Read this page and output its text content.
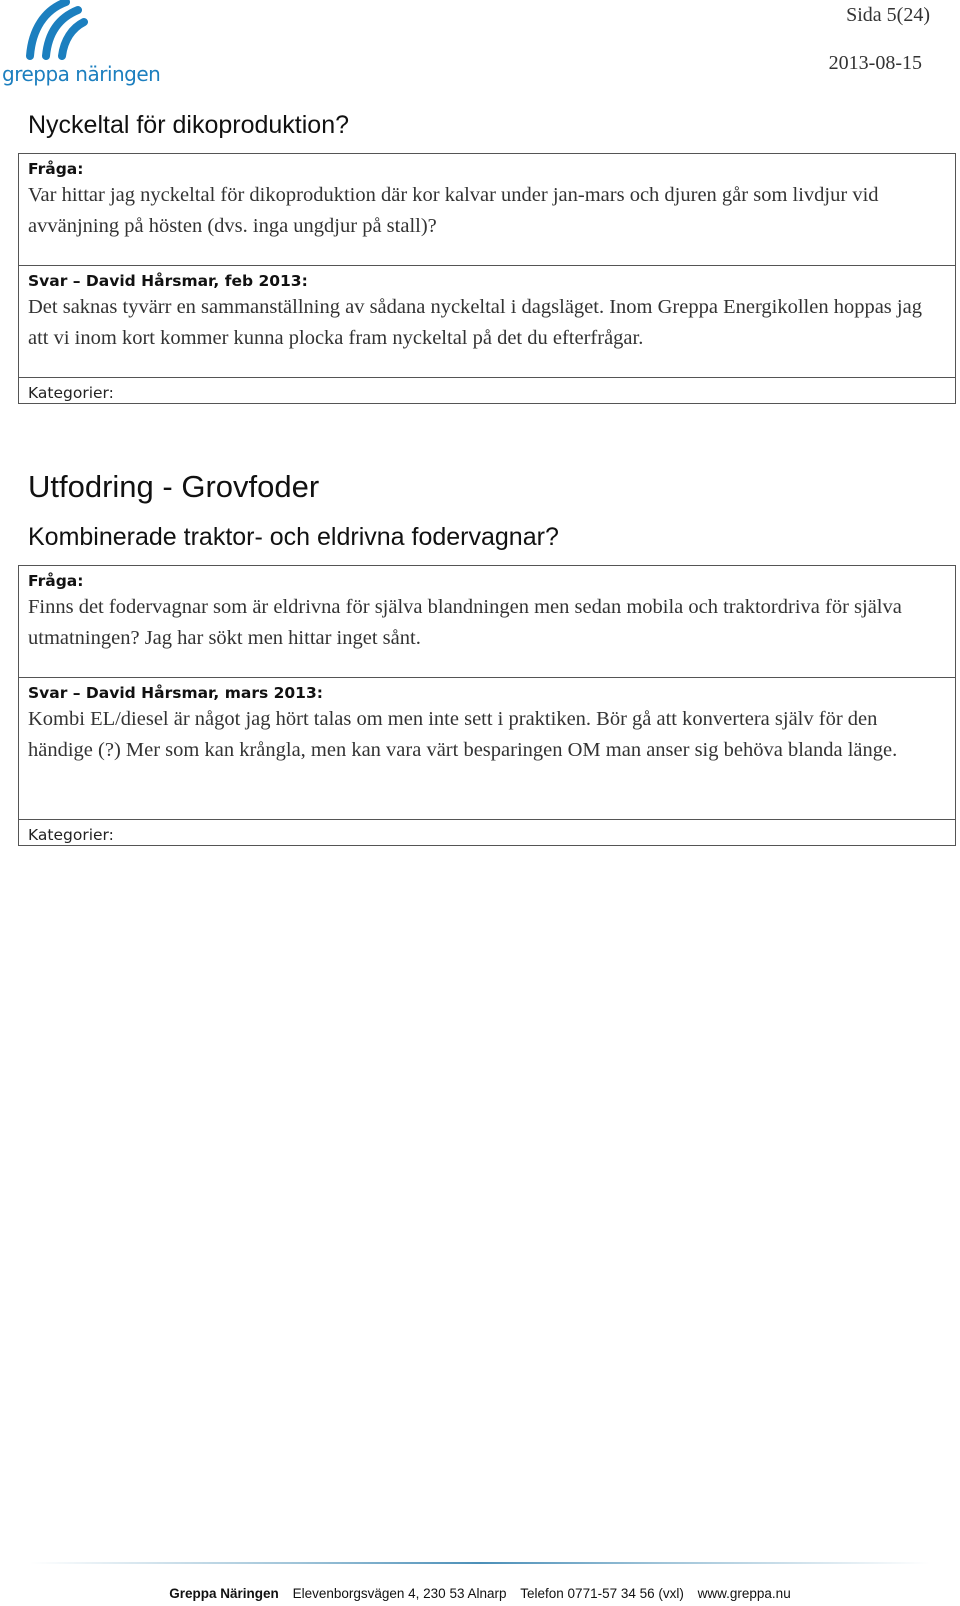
greppa näringen
Sida 5(24)
2013-08-15
Nyckeltal för dikoproduktion?
Fråga:
Var hittar jag nyckeltal för dikoproduktion där kor kalvar under jan-mars och djuren går som livdjur vid avvänjning på hösten (dvs. inga ungdjur på stall)?
Svar – David Hårsmar, feb 2013:
Det saknas tyvärr en sammanställning av sådana nyckeltal i dagsläget. Inom Greppa Energikollen hoppas jag att vi inom kort kommer kunna plocka fram nyckeltal på det du efterfrågar.
Kategorier:
Utfodring - Grovfoder
Kombinerade traktor- och eldrivna fodervagnar?
Fråga:
Finns det fodervagnar som är eldrivna för själva blandningen men sedan mobila och traktordriva för själva utmatningen? Jag har sökt men hittar inget sånt.
Svar – David Hårsmar, mars 2013:
Kombi EL/diesel är något jag hört talas om men inte sett i praktiken. Bör gå att konvertera själv för den händige (?) Mer som kan krångla, men kan vara värt besparingen OM man anser sig behöva blanda länge.
Kategorier:
Greppa Näringen Elevenborgsvägen 4, 230 53 Alnarp Telefon 0771-57 34 56 (vxl) www.greppa.nu
